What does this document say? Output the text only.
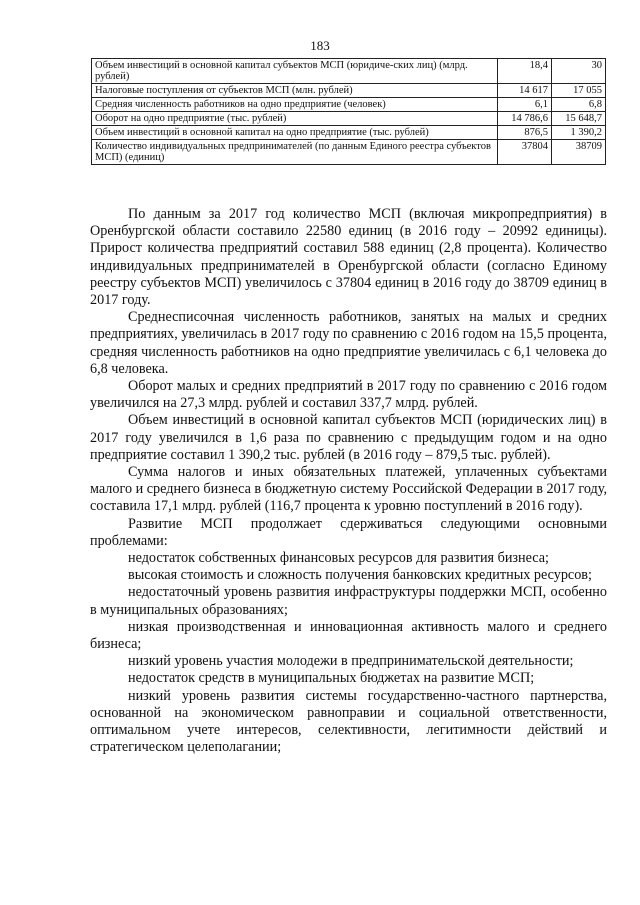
183
Объем инвестиций в основной капитал субъектов МСП (юридиче-ских лиц) (млрд. рублей)	18,4	30
Налоговые поступления от субъектов МСП (млн. рублей)	14 617	17 055
Средняя численность работников на одно предприятие (человек)	6,1	6,8
Оборот на одно предприятие (тыс. рублей)	14 786,6	15 648,7
Объем инвестиций в основной капитал на одно предприятие (тыс. рублей)	876,5	1 390,2
Количество индивидуальных предпринимателей (по данным Единого реестра субъектов МСП) (единиц)	37804	38709

По данным за 2017 год количество МСП (включая микропредприятия) в Оренбургской области составило 22580 единиц (в 2016 году – 20992 единицы). Прирост количества предприятий составил 588 единиц (2,8 процента). Количество индивидуальных предпринимателей в Оренбургской области (согласно Единому реестру субъектов МСП) увеличилось с 37804 единиц в 2016 году до 38709 единиц в 2017 году.

Среднесписочная численность работников, занятых на малых и средних предприятиях, увеличилась в 2017 году по сравнению с 2016 годом на 15,5 процента, средняя численность работников на одно предприятие увеличилась с 6,1 человека до 6,8 человека.

Оборот малых и средних предприятий в 2017 году по сравнению с 2016 годом увеличился на 27,3 млрд. рублей и составил 337,7 млрд. рублей.

Объем инвестиций в основной капитал субъектов МСП (юридических лиц) в 2017 году увеличился в 1,6 раза по сравнению с предыдущим годом и на одно предприятие составил 1 390,2 тыс. рублей (в 2016 году – 879,5 тыс. рублей).

Сумма налогов и иных обязательных платежей, уплаченных субъектами малого и среднего бизнеса в бюджетную систему Российской Федерации в 2017 году, составила 17,1 млрд. рублей (116,7 процента к уровню поступлений в 2016 году).

Развитие МСП продолжает сдерживаться следующими основными проблемами:

недостаток собственных финансовых ресурсов для развития бизнеса;

высокая стоимость и сложность получения банковских кредитных ресурсов;

недостаточный уровень развития инфраструктуры поддержки МСП, особенно в муниципальных образованиях;

низкая производственная и инновационная активность малого и среднего бизнеса;

низкий уровень участия молодежи в предпринимательской деятельности;

недостаток средств в муниципальных бюджетах на развитие МСП;

низкий уровень развития системы государственно-частного партнерства, основанной на экономическом равноправии и социальной ответственности, оптимальном учете интересов, селективности, легитимности действий и стратегическом целеполагании;
